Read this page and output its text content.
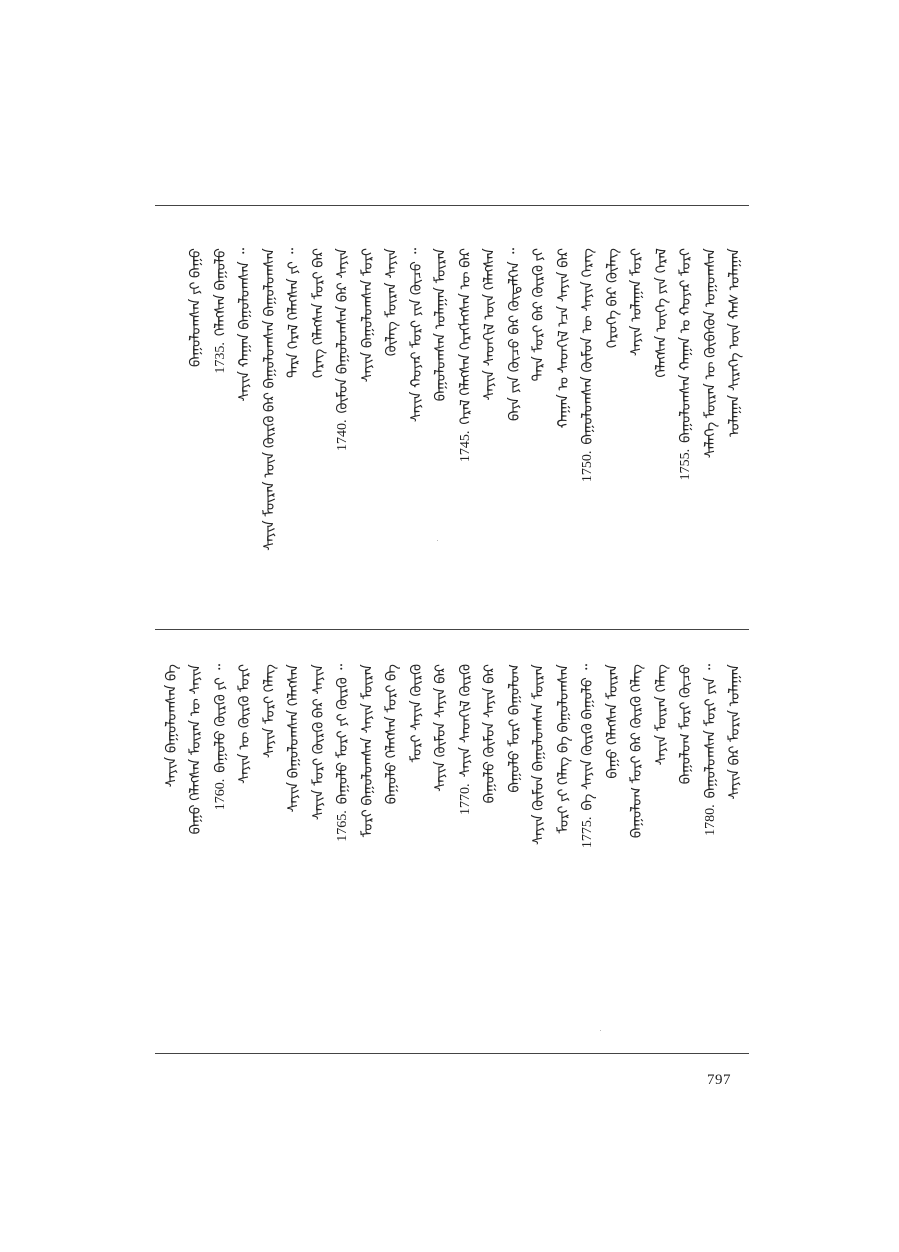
ᠤᠯᠠᠭᠠᠨ ᠰᠢᠷᠡᠭᠡ ᠦᠨ ᠬᠠᠰ ᠤᠯᠠᠭᠠᠨ
ᠰᠡᠯᠡᠭᠡ ᠮᠥᠷᠡᠨ ᠦ ᠬᠥᠪᠡᠭᠦᠨ ᠤᠭᠤᠭᠰᠠᠨ
1755.ᠪᠠᠭᠤᠯᠤᠭᠰᠠᠨ ᠬᠠᠭᠠᠨ ᠤ ᠬᠣᠶᠠᠷ ᠮᠣᠷᠢ
ᠬᠡᠯᠡᠭᠰᠡᠨ ᠦᠭᠡ ᠶᠢᠨ ᠭᠡᠷᠡᠯ
ᠰᠠᠶᠢᠨ ᠤᠯᠠᠭᠠᠨ ᠮᠣᠷᠢ
ᠬᠡᠷᠦᠭᠡ ᠪᠡᠷ ᠬᠥᠯᠡᠭ
1750.ᠪᠠᠭᠤᠯᠤᠭᠰᠠᠨ ᠬᠦᠮᠦᠨ ᠦ ᠰᠠᠶᠢᠨ ᠬᠡᠷᠡᠭ
ᠬᠠᠭᠠᠨ ᠤ ᠰᠡᠳᠬᠢᠯ ᠡᠴᠡ ᠰᠠᠶᠢᠨ ᠪᠡᠷ
ᠲᠡᠷᠡ ᠮᠣᠷᠢ ᠪᠠᠷ ᠬᠦᠷᠬᠦ ᠶᠢ
ᠪᠡᠶᠡ ᠶᠢᠨ ᠬᠦᠴᠦ ᠪᠡᠷ ᠬᠥᠳᠡᠯᠭᠡᠨ ᠃
ᠰᠠᠶᠢᠨ ᠰᠡᠳᠬᠢᠯ ᠦᠨ ᠬᠡᠯᠡᠭᠰᠡᠨ
1745.ᠭᠡᠷᠡᠯ ᠬᠡᠯᠡᠭᠰᠡᠨ ᠬᠡᠷᠡᠭᠯᠡᠭᠰᠡᠨ ᠦ ᠪᠡᠷ
ᠪᠠᠭᠤᠯᠤᠭᠰᠠᠨ ᠤᠯᠠᠭᠠᠨ ᠮᠥᠷᠡᠨ
ᠰᠠᠶᠢᠨ ᠬᠣᠶᠠᠷ ᠮᠣᠷᠢ ᠶᠢᠨ ᠬᠦᠴᠦ ᠃
ᠬᠥᠯᠡᠭ ᠮᠥᠷᠡᠨ ᠰᠠᠶᠢᠨ
ᠰᠠᠶᠢᠨ ᠪᠠᠭᠤᠯᠤᠭᠰᠠᠨ ᠮᠣᠷᠢ
1740.ᠬᠦᠮᠦᠨ ᠪᠠᠭᠤᠯᠤᠭᠰᠠᠨ ᠪᠡᠷ ᠰᠠᠶᠢᠨ
ᠬᠡᠷᠡᠭ ᠬᠡᠯᠡᠭᠰᠡᠨ ᠮᠣᠷᠢ ᠪᠠᠷ
ᠲᠡᠷᠡ ᠭᠡᠷᠡᠯ ᠬᠡᠯᠡᠭᠰᠡᠨ ᠶᠢ ᠃
ᠰᠠᠶᠢᠨ ᠮᠥᠷᠡᠨ ᠦᠨ ᠬᠦᠷᠬᠦ ᠪᠡᠷ ᠪᠠᠭᠤᠯᠤᠭᠰᠠᠨ ᠪᠠᠭᠤᠯᠤᠭᠰᠠᠨ
ᠰᠠᠶᠢᠨ ᠬᠠᠭᠠᠨ ᠪᠠᠭᠤᠯᠤᠭᠰᠠᠨ ᠃
1735.ᠬᠡᠯᠡᠭᠰᠡᠨ ᠪᠠᠭᠤᠯᠤ
ᠪᠠᠭᠤᠯᠤᠭᠰᠠᠨ ᠶᠢ ᠪᠠᠭᠤ
ᠰᠠᠶᠢᠨ ᠪᠠᠷ ᠮᠣᠷᠢᠨ ᠤᠯᠠᠭᠠᠨ
1780.ᠪᠠᠭᠤᠯᠤᠭᠰᠠᠨ ᠮᠣᠷᠢ ᠶᠢᠨ ᠃
ᠪᠠᠭᠤᠯᠤᠭ ᠮᠣᠷᠢ ᠬᠦᠴᠦ
ᠰᠠᠶᠢᠨ ᠮᠥᠷᠡᠨ ᠬᠡᠯᠡᠭ
ᠪᠠᠭᠤᠯᠤᠭ ᠮᠣᠷᠢ ᠪᠡᠷ ᠬᠦᠷᠬᠦ ᠬᠡᠯᠡᠭ
ᠪᠠᠭᠤ ᠬᠡᠯᠡᠭᠰᠡᠨ ᠮᠥᠷᠡᠨ
1775.ᠪᠠ ᠰᠠᠶᠢᠨ ᠬᠦᠷᠬᠦ ᠪᠠᠭᠤᠯᠤ ᠃
ᠮᠣᠷᠢ ᠶᠢ ᠬᠡᠯᠡᠭ ᠪᠡ ᠪᠠᠭᠤᠯᠤᠭᠰᠠᠨ
ᠰᠠᠶᠢᠨ ᠬᠦᠮᠦᠨ ᠪᠠᠭᠤᠯᠤᠭᠰᠠᠨ ᠮᠥᠷᠡᠨ
ᠪᠠᠭᠤᠯᠤ ᠮᠣᠷᠢ ᠪᠠᠭᠤᠯᠤᠭ
ᠪᠠᠭᠤᠯᠤ ᠬᠦᠮᠦᠨ ᠰᠠᠶᠢᠨ ᠪᠡᠷ
1770.ᠰᠠᠶᠢᠨ ᠰᠡᠳᠬᠢᠯ ᠬᠦᠷᠬᠦ
ᠰᠠᠶᠢᠨ ᠬᠦᠮᠦᠨ ᠰᠠᠶᠢᠨ ᠪᠡᠷ
ᠮᠣᠷᠢ ᠰᠠᠶᠢᠨ ᠬᠦᠷᠬᠦ
ᠪᠠᠭᠤᠯᠤ ᠬᠡᠯᠡᠭᠰᠡᠨ ᠮᠣᠷᠢ ᠪᠡ
ᠮᠣᠷᠢ ᠪᠠᠭᠤᠯᠤᠭᠰᠠᠨ ᠰᠠᠶᠢᠨ ᠮᠥᠷᠡᠨ
1765.ᠪᠠᠭᠤᠯᠤ ᠮᠣᠷᠢ ᠶᠢ ᠬᠦᠷᠬᠦ ᠃
ᠰᠠᠶᠢᠨ ᠮᠣᠷᠢ ᠬᠦᠷᠬᠦ ᠪᠡᠷ ᠰᠠᠶᠢᠨ
ᠰᠠᠶᠢᠨ ᠪᠠᠭᠤᠯᠤᠭᠰᠠᠨ ᠬᠡᠯᠡᠭᠰᠡᠨ
ᠰᠠᠶᠢᠨ ᠮᠣᠷᠢ ᠬᠡᠯᠡᠭ
ᠰᠠᠶᠢᠨ ᠦ ᠬᠦᠷᠬᠦ ᠮᠣᠷᠢ
1760.ᠪᠠᠭᠤᠯᠤ ᠬᠦᠷᠬᠦ ᠶᠢ ᠃
ᠪᠠᠭᠤ ᠬᠡᠯᠡᠭᠰᠡᠨ ᠮᠥᠷᠡᠨ ᠦ ᠰᠠᠶᠢᠨ
ᠰᠠᠶᠢᠨ ᠪᠠᠭᠤᠯᠤᠭᠰᠠᠨ ᠪᠡ
797
